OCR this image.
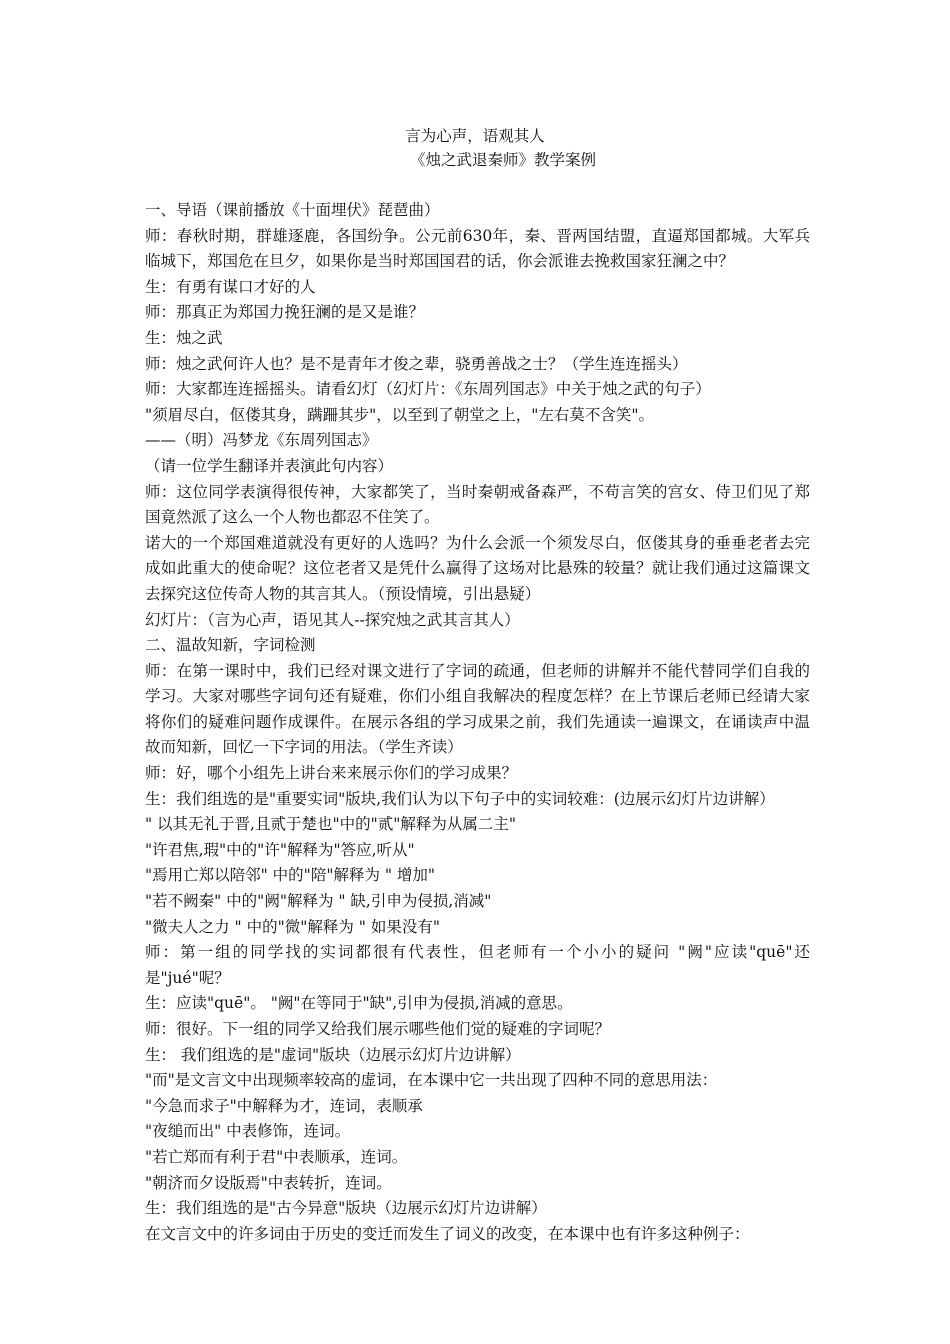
言为心声，语观其人
《烛之武退秦师》教学案例

一、导语（课前播放《十面埋伏》琵琶曲）

师：春秋时期，群雄逐鹿，各国纷争。公元前630年，秦、晋两国结盟，直逼郑国都城。大军兵临城下，郑国危在旦夕，如果你是当时郑国国君的话，你会派谁去挽救国家狂澜之中？

生：有勇有谋口才好的人

师：那真正为郑国力挽狂澜的是又是谁？

生：烛之武

师：烛之武何许人也？是不是青年才俊之辈，骁勇善战之士？（学生连连摇头）

师：大家都连连摇摇头。请看幻灯（幻灯片：《东周列国志》中关于烛之武的句子）

"须眉尽白，伛偻其身，蹒跚其步"，以至到了朝堂之上，"左右莫不含笑"。

——（明）冯梦龙《东周列国志》

（请一位学生翻译并表演此句内容）

师：这位同学表演得很传神，大家都笑了，当时秦朝戒备森严，不苟言笑的宫女、侍卫们见了郑国竟然派了这么一个人物也都忍不住笑了。

诺大的一个郑国难道就没有更好的人选吗？为什么会派一个须发尽白，伛偻其身的垂垂老者去完成如此重大的使命呢？这位老者又是凭什么赢得了这场对比悬殊的较量？就让我们通过这篇课文去探究这位传奇人物的其言其人。（预设情境，引出悬疑）

幻灯片：（言为心声，语见其人--探究烛之武其言其人）

二、温故知新，字词检测

师：在第一课时中，我们已经对课文进行了字词的疏通，但老师的讲解并不能代替同学们自我的学习。大家对哪些字词句还有疑难，你们小组自我解决的程度怎样？在上节课后老师已经请大家将你们的疑难问题作成课件。在展示各组的学习成果之前，我们先通读一遍课文，在诵读声中温故而知新，回忆一下字词的用法。（学生齐读）

师：好，哪个小组先上讲台来来展示你们的学习成果？

生：我们组选的是"重要实词"版块,我们认为以下句子中的实词较难：(边展示幻灯片边讲解）

" 以其无礼于晋,且贰于楚也"中的"贰"解释为从属二主"

"许君焦,瑕"中的"许"解释为"答应,听从"

"焉用亡郑以陪邻" 中的"陪"解释为 " 增加"

"若不阙秦" 中的"阙"解释为 " 缺,引申为侵损,消减"

"微夫人之力 " 中的"微"解释为 " 如果没有"

师：第一组的同学找的实词都很有代表性，但老师有一个小小的疑问 "阙"应读"quē"还是"jué"呢？

生：应读"quē"。 "阙"在等同于"缺",引申为侵损,消减的意思。

师：很好。下一组的同学又给我们展示哪些他们觉的疑难的字词呢？

生： 我们组选的是"虚词"版块（边展示幻灯片边讲解）

"而"是文言文中出现频率较高的虚词，在本课中它一共出现了四种不同的意思用法：

"今急而求子"中解释为才，连词，表顺承

"夜缒而出" 中表修饰，连词。

"若亡郑而有利于君"中表顺承，连词。

"朝济而夕设版焉"中表转折，连词。

生：我们组选的是"古今异意"版块（边展示幻灯片边讲解）

在文言文中的许多词由于历史的变迁而发生了词义的改变，在本课中也有许多这种例子：
